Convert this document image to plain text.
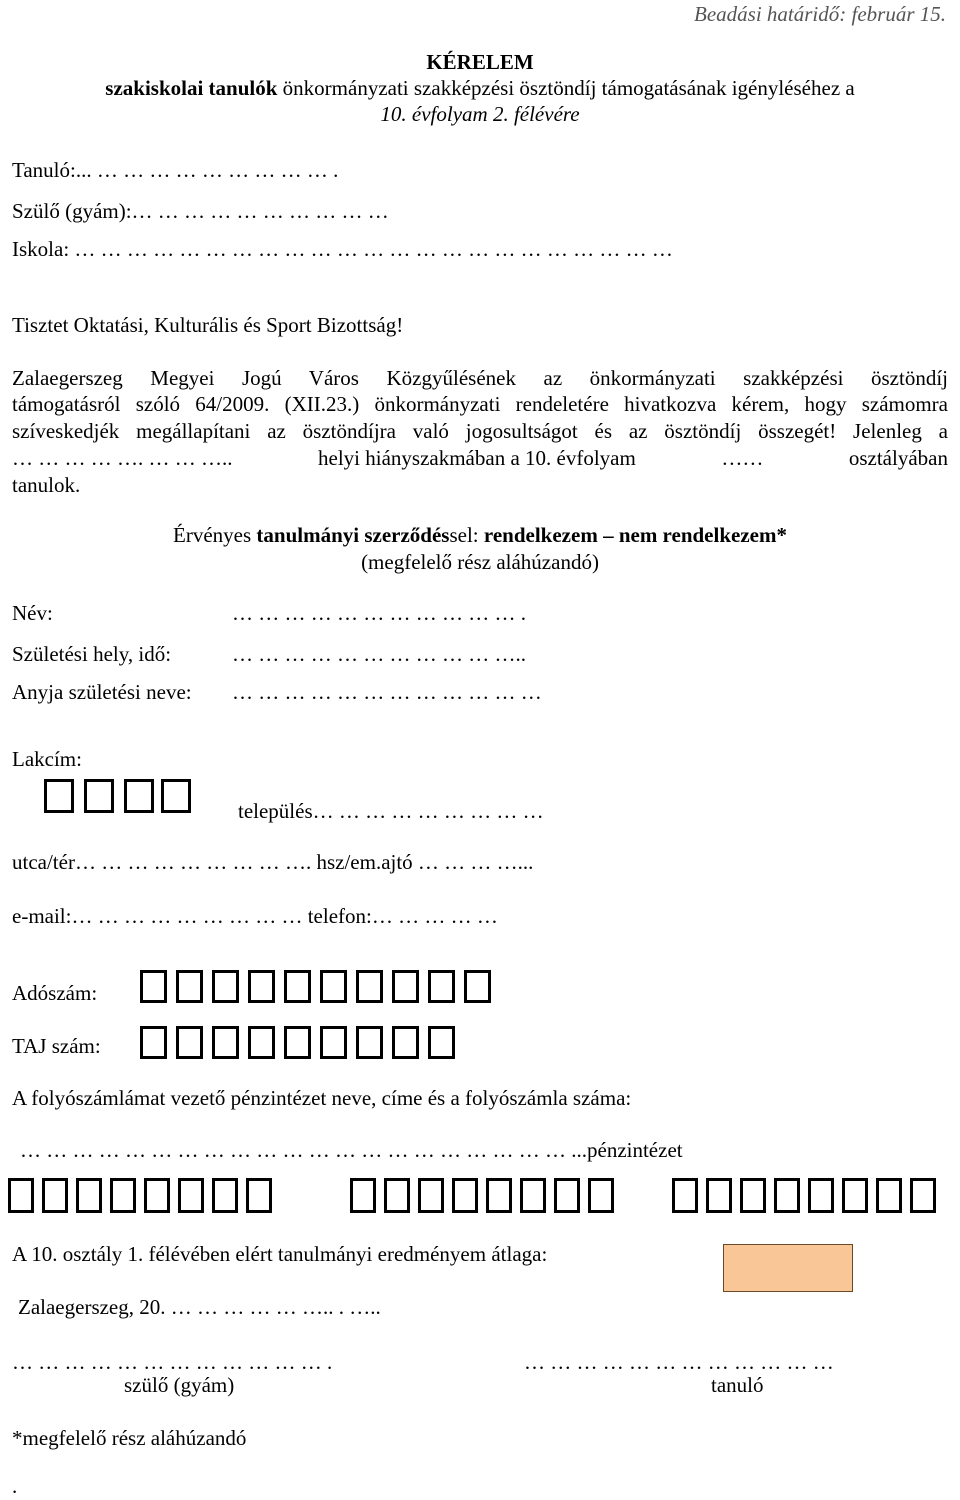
Beadási határidő: február 15.
KÉRELEM
szakiskolai tanulók önkormányzati szakképzési ösztöndíj támogatásának igényléséhez a
10. évfolyam 2. félévére
Tanuló:... … … … … … … … … … .
Szülő (gyám):… … … … … … … … … …
Iskola: … … … … … … … … … … … … … … … … … … … … … … …
Tisztet Oktatási, Kulturális és Sport Bizottság!
Zalaegerszeg Megyei Jogú Város Közgyűlésének az önkormányzati szakképzési ösztöndíj
támogatásról szóló 64/2009. (XII.23.) önkormányzati rendeletére hivatkozva kérem, hogy számomra
szíveskedjék megállapítani az ösztöndíjra való jogosultságot és az ösztöndíj összegét! Jelenleg a
… … … … …. … … …..	helyi hiányszakmában a 10. évfolyam	……	osztályában
tanulok.
Érvényes tanulmányi szerződéssel: rendelkezem – nem rendelkezem*
(megfelelő rész aláhúzandó)
Név:	… … … … … … … … … … … .
Születési hely, idő:	… … … … … … … … … … …..
Anyja születési neve: … … … … … … … … … … … …
Lakcím:
település… … … … … … … … …
utca/tér… … … … … … … … …. hsz/em.ajtó … … … …...
e-mail:… … … … … … … … … telefon:… … … … …
Adószám:
TAJ szám:
A folyószámlámat vezető pénzintézet neve, címe és a folyószámla száma:
… … … … … … … … … … … … … … … … … … … … … ...pénzintézet
A 10. osztály 1. félévében elért tanulmányi eredményem átlaga:
Zalaegerszeg, 20. … … … … … ….. . …..
… … … … … … … … … … … … .
szülő (gyám)
… … … … … … … … … … … …
tanuló
*megfelelő rész aláhúzandó
.
